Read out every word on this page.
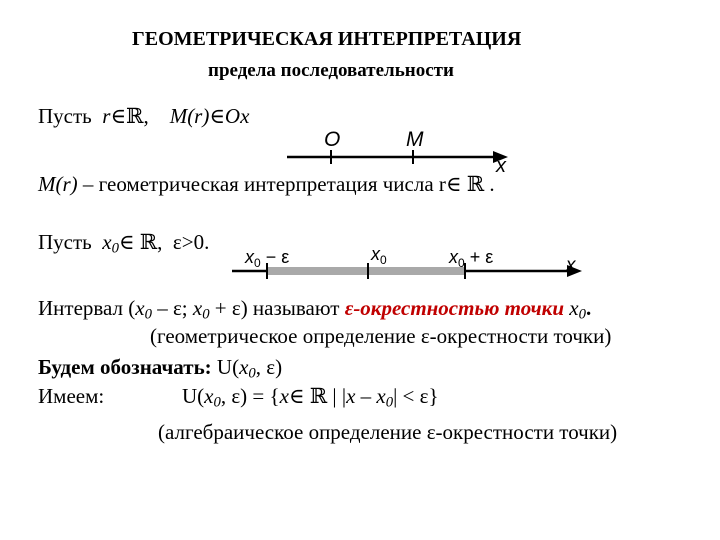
ГЕОМЕТРИЧЕСКАЯ ИНТЕРПРЕТАЦИЯ
предела последовательности
Пусть r∈ℝ, M(r)∈Ox
O	M
x
$x_0 - \varepsilon$	$x_0$	$x_0 + \varepsilon$	x
M(r) – геометрическая интерпретация числа r∈ ℝ .
Пусть $x_0\in$ ℝ, ε>0.
Интервал ($x_0$ – ε; $x_0 + \varepsilon$) называют ε-окрестностью точки $x_0$.
(геометрическое определение ε-окрестности точки)
Будем обозначать: $U(x_0$, ε)
Имеем:	$U(x_0$, ε) = {x∈ ℝ | $|x - x_0| < \varepsilon$}
(алгебраическое определение ε-окрестности точки)
